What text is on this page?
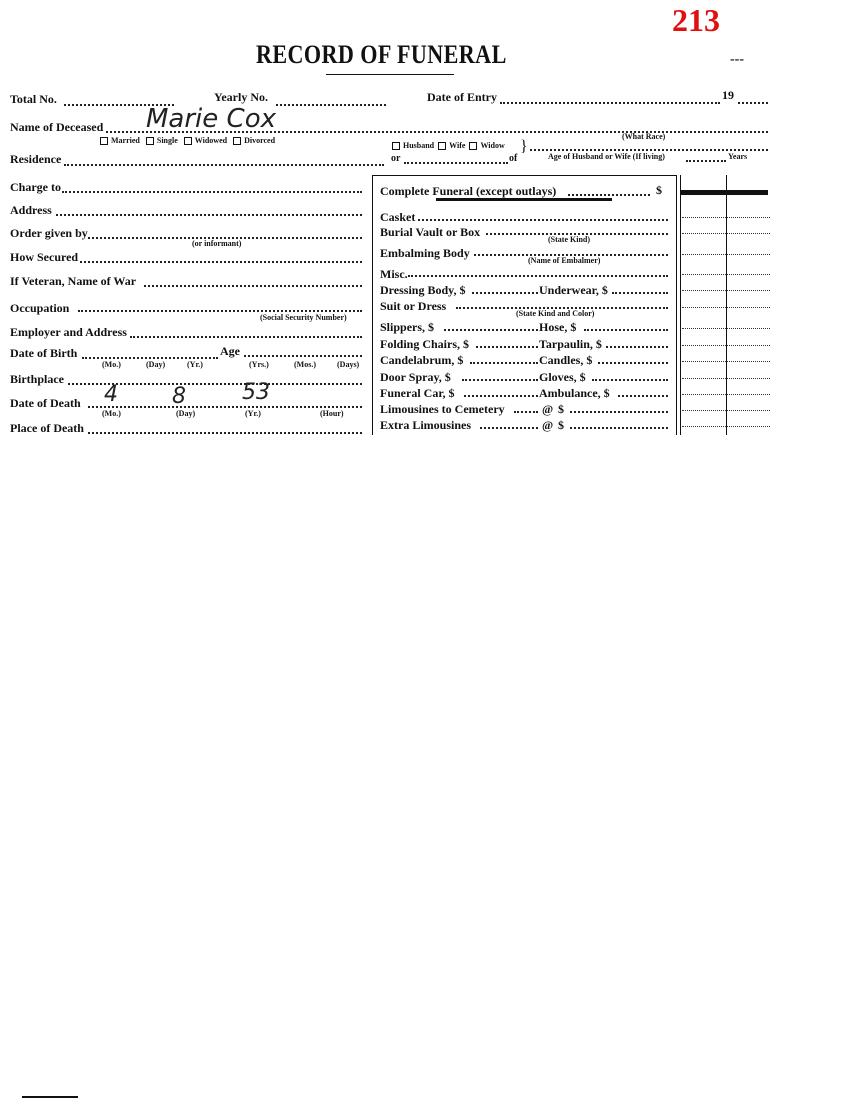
213
---
RECORD OF FUNERAL
Total No.	Yearly No.	Date of Entry	19
Name of Deceased Marie Cox
(What Race)
Married Single Widowed Divorced
Husband Wife Widow }
Residence	or	of	Age of Husband or Wife (If living)	Years
Charge to
Address
Order given by
(or informant)
How Secured
If Veteran, Name of War
Occupation
(Social Security Number)
Employer and Address
Date of Birth	Age
(Mo.)	(Day)	(Yr.)	(Yrs.)	(Mos.)	(Days)
Birthplace
Date of Death 4 8	53
(Mo.)	(Day)	(Yr.)	(Hour)
Place of Death
Complete Funeral (except outlays)	$
Casket
Burial Vault or Box
(State Kind)
Embalming Body
(Name of Embalmer)
Misc.
Dressing Body, $	Underwear, $
Suit or Dress
(State Kind and Color)
Slippers, $	Hose, $
Folding Chairs, $	Tarpaulin, $
Candelabrum, $	Candles, $
Door Spray, $	Gloves, $
Funeral Car, $	Ambulance, $
Limousines to Cemetery	@ $
Extra Limousines	@ $
